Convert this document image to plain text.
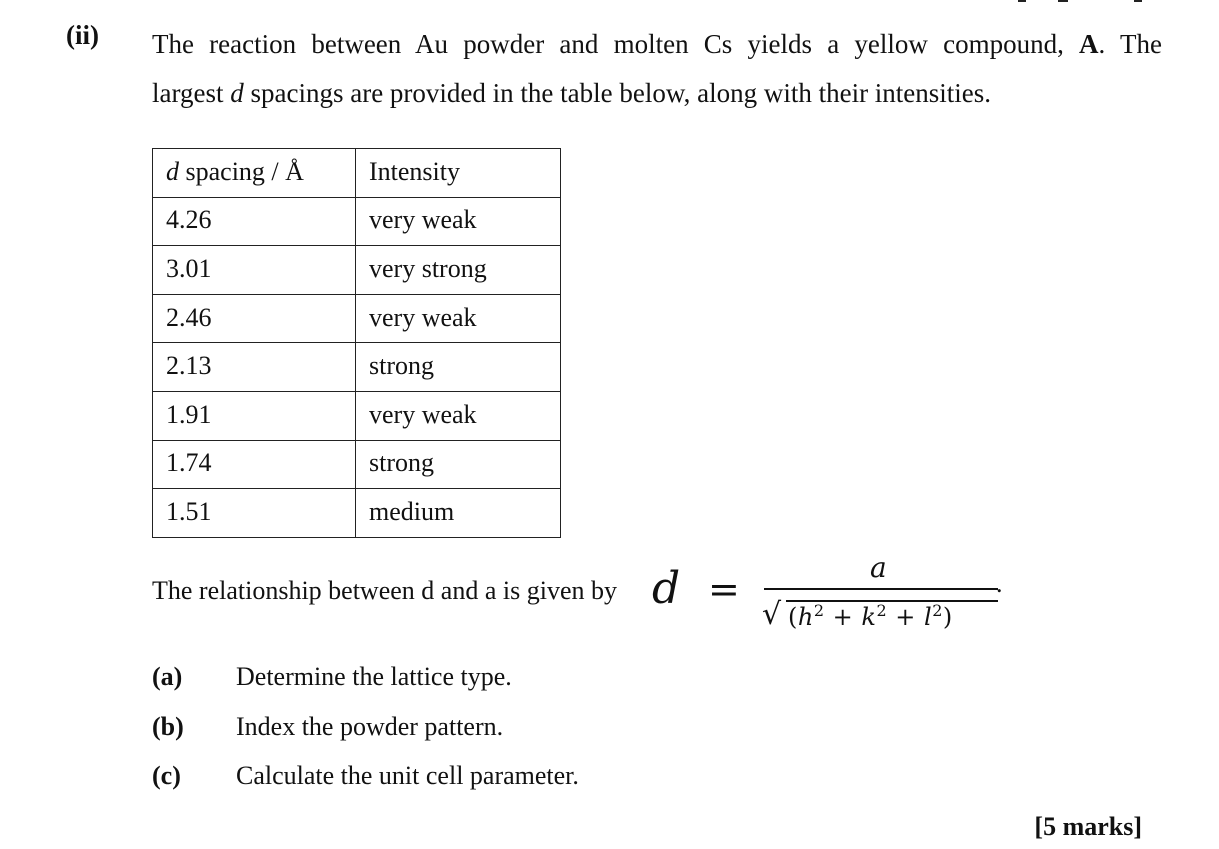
(ii) The reaction between Au powder and molten Cs yields a yellow compound, A. The
largest d spacings are provided in the table below, along with their intensities.
d spacing / Å	Intensity
4.26	very weak
3.01	very strong
2.46	very weak
2.13	strong
1.91	very weak
1.74	strong
1.51	medium
The relationship between d and a is given by d =	a
√ $(h^2 + k^2 + l^2)$
.
(a) Determine the lattice type.
(b) Index the powder pattern.
(c) Calculate the unit cell parameter.
[5 marks]
